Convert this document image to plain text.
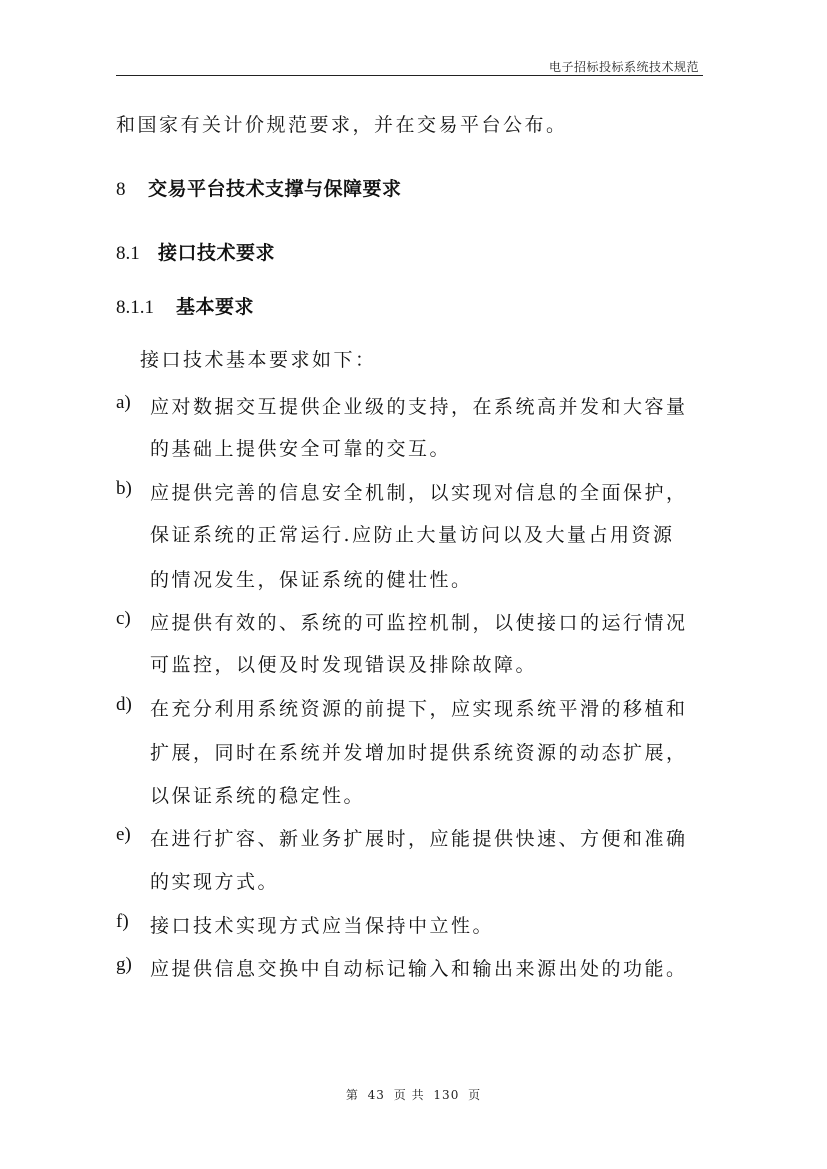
电子招标投标系统技术规范
和国家有关计价规范要求，并在交易平台公布。
8 交易平台技术支撑与保障要求
8.1 接口技术要求
8.1.1 基本要求
接口技术基本要求如下：
a) 应对数据交互提供企业级的支持，在系统高并发和大容量
的基础上提供安全可靠的交互。
b) 应提供完善的信息安全机制，以实现对信息的全面保护，
保证系统的正常运行.应防止大量访问以及大量占用资源
的情况发生，保证系统的健壮性。
c) 应提供有效的、系统的可监控机制，以使接口的运行情况
可监控，以便及时发现错误及排除故障。
d) 在充分利用系统资源的前提下，应实现系统平滑的移植和
扩展，同时在系统并发增加时提供系统资源的动态扩展，
以保证系统的稳定性。
e) 在进行扩容、新业务扩展时，应能提供快速、方便和准确
的实现方式。
f) 接口技术实现方式应当保持中立性。
g) 应提供信息交换中自动标记输入和输出来源出处的功能。
第 43 页 共 130 页
